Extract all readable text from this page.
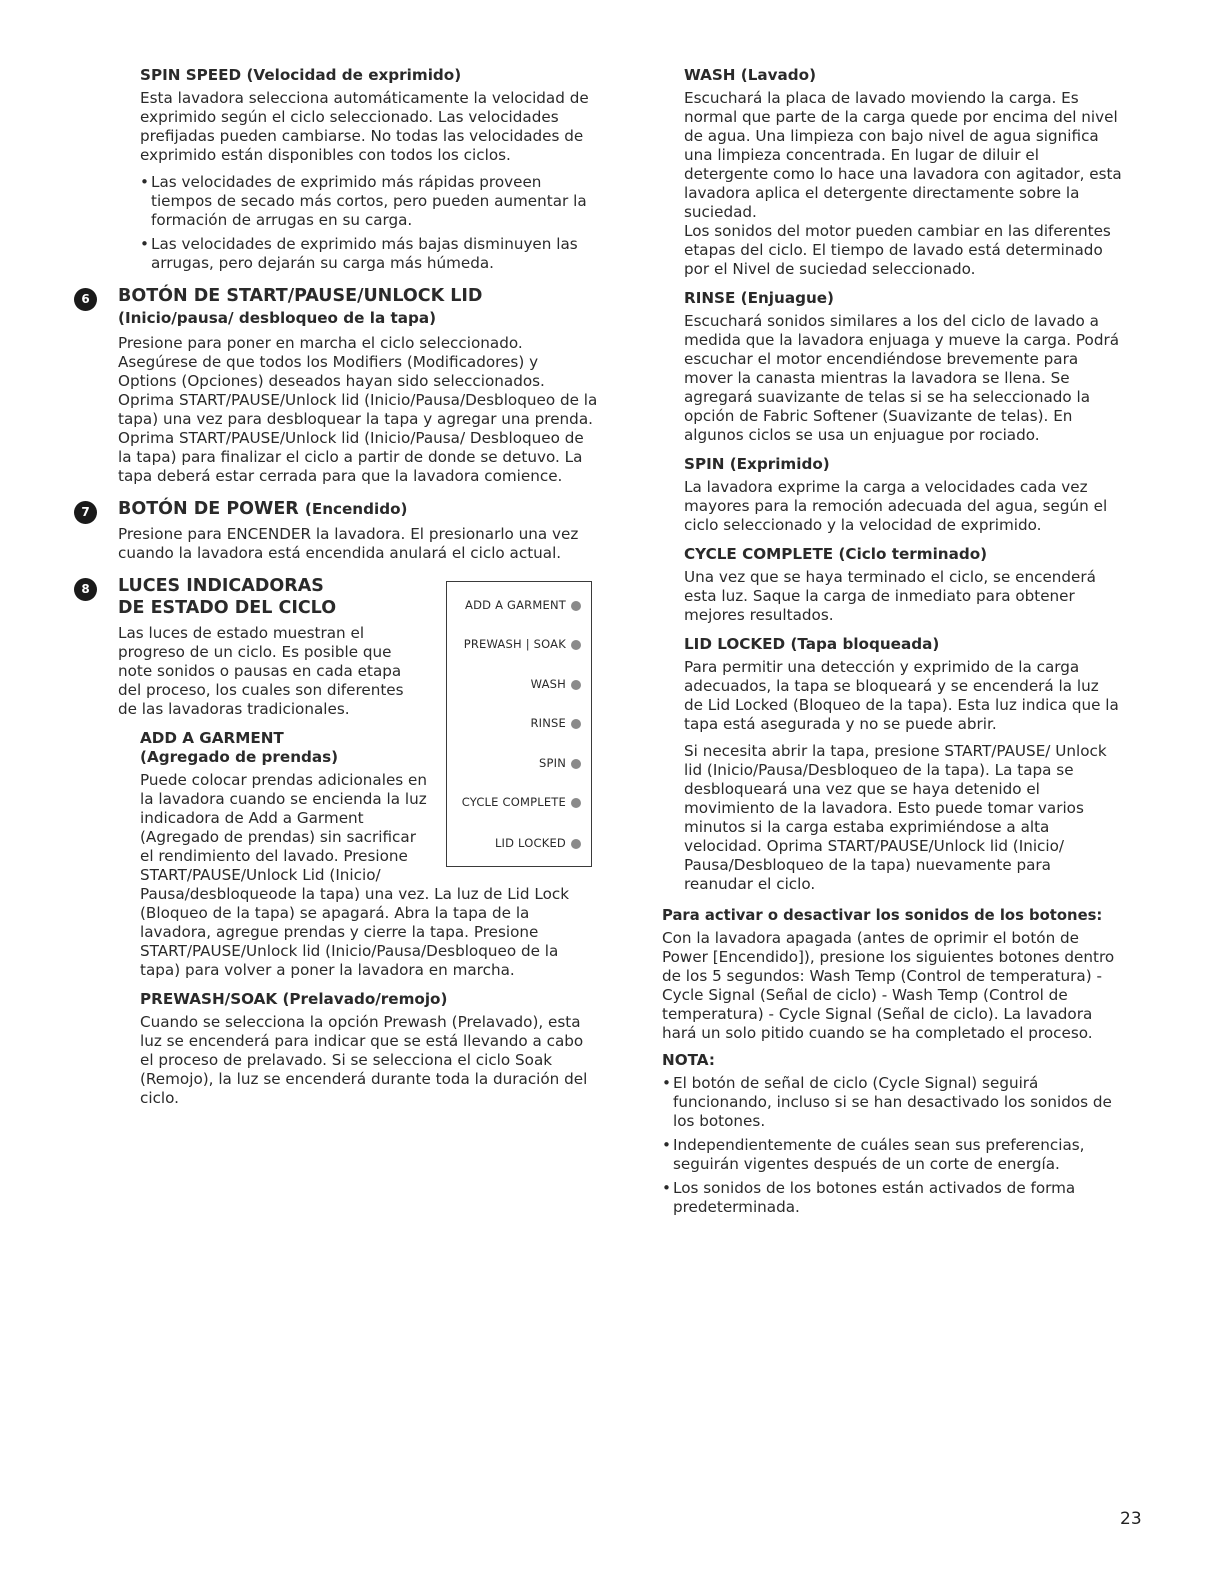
SPIN SPEED (Velocidad de exprimido)

Esta lavadora selecciona automáticamente la velocidad de exprimido según el ciclo seleccionado. Las velocidades prefijadas pueden cambiarse. No todas las velocidades de exprimido están disponibles con todos los ciclos.

• Las velocidades de exprimido más rápidas proveen tiempos de secado más cortos, pero pueden aumentar la formación de arrugas en su carga.
• Las velocidades de exprimido más bajas disminuyen las arrugas, pero dejarán su carga más húmeda.
6	BOTÓN DE START/PAUSE/UNLOCK LID (Inicio/pausa/ desbloqueo de la tapa)

Presione para poner en marcha el ciclo seleccionado. Asegúrese de que todos los Modifiers (Modificadores) y Options (Opciones) deseados hayan sido seleccionados. Oprima START/PAUSE/Unlock lid (Inicio/Pausa/Desbloqueo de la tapa) una vez para desbloquear la tapa y agregar una prenda. Oprima START/PAUSE/Unlock lid (Inicio/Pausa/ Desbloqueo de la tapa) para finalizar el ciclo a partir de donde se detuvo. La tapa deberá estar cerrada para que la lavadora comience.

7	BOTÓN DE POWER (Encendido)

Presione para ENCENDER la lavadora. El presionarlo una vez cuando la lavadora está encendida anulará el ciclo actual.

8	LUCES INDICADORAS
DE ESTADO DEL CICLO	ADD A GARMENT
PREWASH | SOAK
WASH
RINSE
SPIN
CYCLE COMPLETE
LID LOCKED

Las luces de estado muestran el progreso de un ciclo. Es posible que note sonidos o pausas en cada etapa del proceso, los cuales son diferentes de las lavadoras tradicionales.

ADD A GARMENT
(Agregado de prendas)

Puede colocar prendas adicionales en la lavadora cuando se encienda la luz indicadora de Add a Garment (Agregado de prendas) sin sacrificar el rendimiento del lavado. Presione START/PAUSE/Unlock Lid (Inicio/

Pausa/desbloqueode la tapa) una vez. La luz de Lid Lock (Bloqueo de la tapa) se apagará. Abra la tapa de la lavadora, agregue prendas y cierre la tapa. Presione START/PAUSE/Unlock lid (Inicio/Pausa/Desbloqueo de la tapa) para volver a poner la lavadora en marcha.

PREWASH/SOAK (Prelavado/remojo)

Cuando se selecciona la opción Prewash (Prelavado), esta luz se encenderá para indicar que se está llevando a cabo el proceso de prelavado. Si se selecciona el ciclo Soak (Remojo), la luz se encenderá durante toda la duración del ciclo.

WASH (Lavado)

Escuchará la placa de lavado moviendo la carga. Es normal que parte de la carga quede por encima del nivel de agua. Una limpieza con bajo nivel de agua significa una limpieza concentrada. En lugar de diluir el detergente como lo hace una lavadora con agitador, esta lavadora aplica el detergente directamente sobre la suciedad.

Los sonidos del motor pueden cambiar en las diferentes etapas del ciclo. El tiempo de lavado está determinado por el Nivel de suciedad seleccionado.

RINSE (Enjuague)

Escuchará sonidos similares a los del ciclo de lavado a medida que la lavadora enjuaga y mueve la carga. Podrá escuchar el motor encendiéndose brevemente para mover la canasta mientras la lavadora se llena. Se agregará suavizante de telas si se ha seleccionado la opción de Fabric Softener (Suavizante de telas). En algunos ciclos se usa un enjuague por rociado.

SPIN (Exprimido)

La lavadora exprime la carga a velocidades cada vez mayores para la remoción adecuada del agua, según el ciclo seleccionado y la velocidad de exprimido.

CYCLE COMPLETE (Ciclo terminado)

Una vez que se haya terminado el ciclo, se encenderá esta luz. Saque la carga de inmediato para obtener mejores resultados.

LID LOCKED (Tapa bloqueada)

Para permitir una detección y exprimido de la carga adecuados, la tapa se bloqueará y se encenderá la luz de Lid Locked (Bloqueo de la tapa). Esta luz indica que la tapa está asegurada y no se puede abrir.

Si necesita abrir la tapa, presione START/PAUSE/ Unlock lid (Inicio/Pausa/Desbloqueo de la tapa). La tapa se desbloqueará una vez que se haya detenido el movimiento de la lavadora. Esto puede tomar varios minutos si la carga estaba exprimiéndose a alta velocidad. Oprima START/PAUSE/Unlock lid (Inicio/ Pausa/Desbloqueo de la tapa) nuevamente para reanudar el ciclo.

Para activar o desactivar los sonidos de los botones:

Con la lavadora apagada (antes de oprimir el botón de Power [Encendido]), presione los siguientes botones dentro de los 5 segundos: Wash Temp (Control de temperatura) - Cycle Signal (Señal de ciclo) - Wash Temp (Control de temperatura) - Cycle Signal (Señal de ciclo). La lavadora hará un solo pitido cuando se ha completado el proceso.

NOTA:
• El botón de señal de ciclo (Cycle Signal) seguirá funcionando, incluso si se han desactivado los sonidos de los botones.
• Independientemente de cuáles sean sus preferencias, seguirán vigentes después de un corte de energía.
• Los sonidos de los botones están activados de forma predeterminada.
23
